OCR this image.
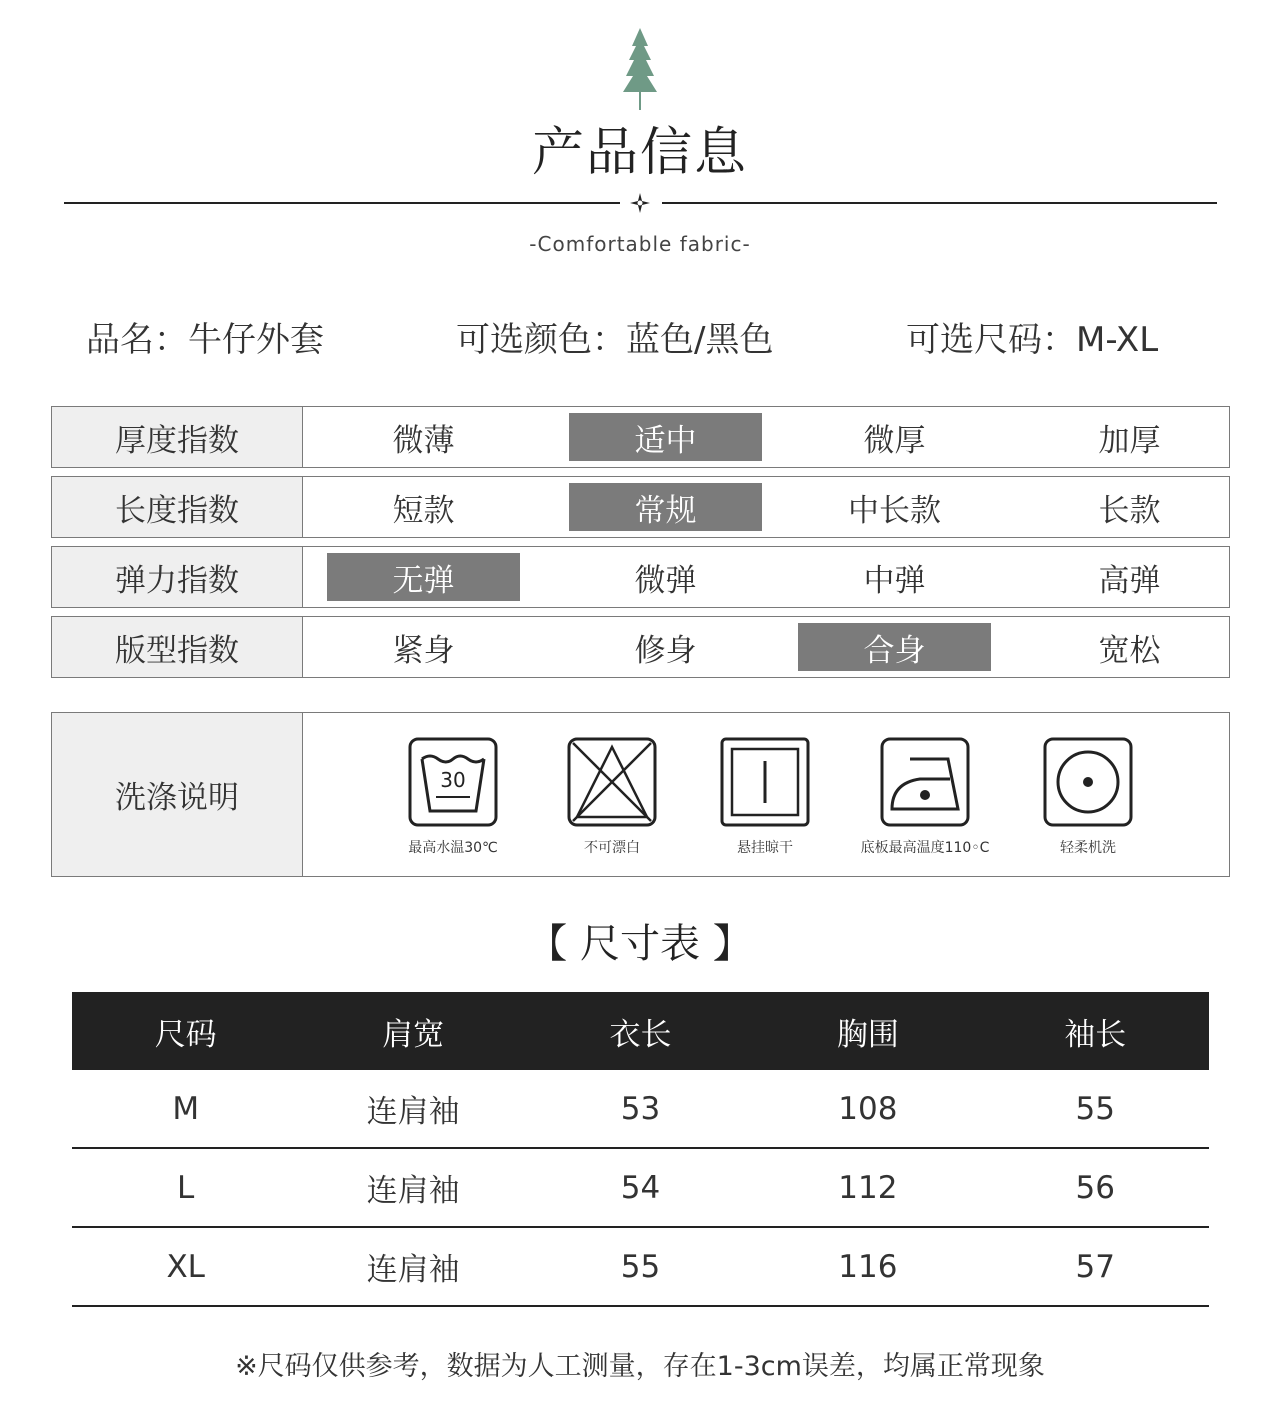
产品信息
-Comfortable fabric-
品名：牛仔外套	可选颜色：蓝色/黑色	可选尺码：M-XL
厚度指数	微薄	适中	微厚	加厚
长度指数	短款	常规	中长款	长款
弹力指数	无弹	微弹	中弹	高弹
版型指数	紧身	修身	合身	宽松
洗涤说明	30
最高水温30℃	不可漂白	悬挂晾干	底板最高温度110◦C	轻柔机洗
【 尺寸表 】
尺码	肩宽	衣长	胸围	袖长
M	连肩袖	53	108	55
L	连肩袖	54	112	56
XL	连肩袖	55	116	57
※尺码仅供参考，数据为人工测量，存在1-3cm误差，均属正常现象
